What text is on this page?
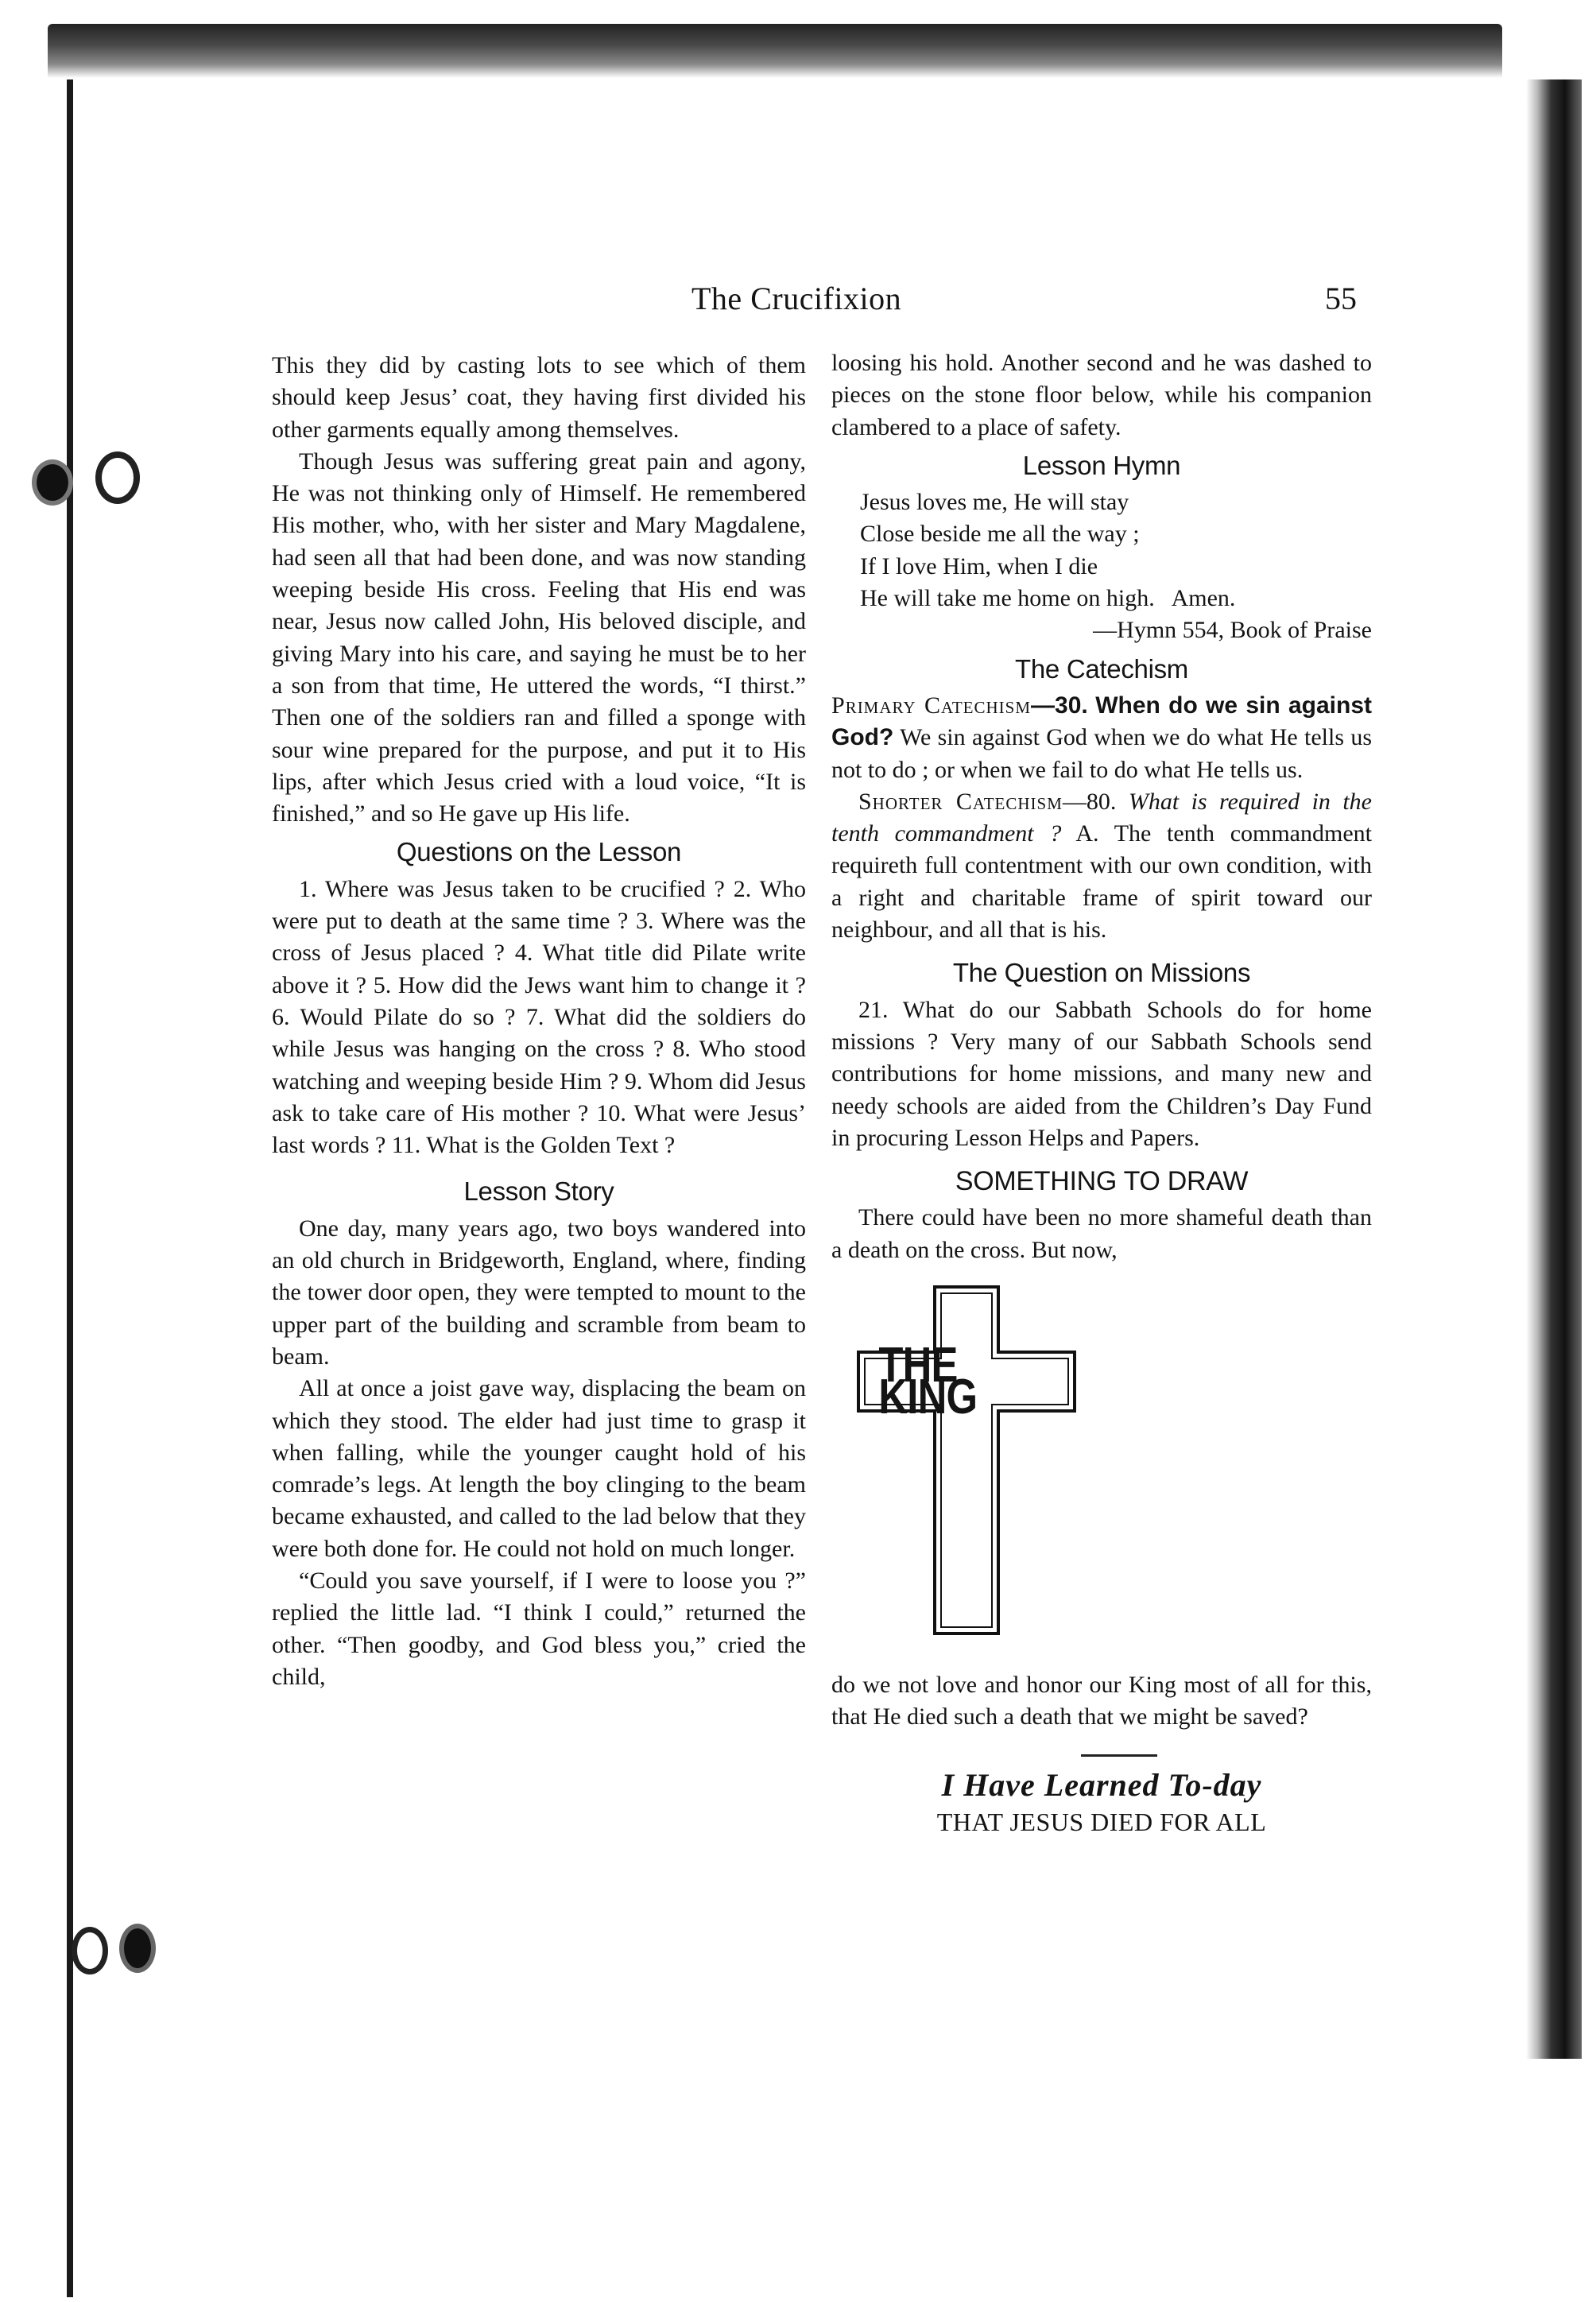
The Crucifixion	55

This they did by casting lots to see which of them should keep Jesus’ coat, they having first divided his other garments equally among themselves.

Though Jesus was suffering great pain and agony, He was not thinking only of Himself. He remembered His mother, who, with her sister and Mary Magdalene, had seen all that had been done, and was now standing weeping beside His cross. Feeling that His end was near, Jesus now called John, His beloved disciple, and giving Mary into his care, and saying he must be to her a son from that time, He uttered the words, “I thirst.” Then one of the soldiers ran and filled a sponge with sour wine prepared for the purpose, and put it to His lips, after which Jesus cried with a loud voice, “It is finished,” and so He gave up His life.

Questions on the Lesson

1. Where was Jesus taken to be crucified ? 2. Who were put to death at the same time ? 3. Where was the cross of Jesus placed ? 4. What title did Pilate write above it ? 5. How did the Jews want him to change it ? 6. Would Pilate do so ? 7. What did the soldiers do while Jesus was hanging on the cross ? 8. Who stood watching and weeping beside Him ? 9. Whom did Jesus ask to take care of His mother ? 10. What were Jesus’ last words ? 11. What is the Golden Text ?

Lesson Story

One day, many years ago, two boys wandered into an old church in Bridgeworth, England, where, finding the tower door open, they were tempted to mount to the upper part of the building and scramble from beam to beam.

All at once a joist gave way, displacing the beam on which they stood. The elder had just time to grasp it when falling, while the younger caught hold of his comrade’s legs. At length the boy clinging to the beam became exhausted, and called to the lad below that they were both done for. He could not hold on much longer.

“Could you save yourself, if I were to loose you ?” replied the little lad. “I think I could,” returned the other. “Then goodby, and God bless you,” cried the child,

loosing his hold. Another second and he was dashed to pieces on the stone floor below, while his companion clambered to a place of safety.

Lesson Hymn
Jesus loves me, He will stay
Close beside me all the way ;
If I love Him, when I die
He will take me home on high.   Amen.
—Hymn 554, Book of Praise
The Catechism

Primary Catechism—30. When do we sin against God? We sin against God when we do what He tells us not to do ; or when we fail to do what He tells us.

Shorter Catechism—80. What is required in the tenth commandment ? A. The tenth commandment requireth full contentment with our own condition, with a right and charitable frame of spirit toward our neighbour, and all that is his.

The Question on Missions

21. What do our Sabbath Schools do for home missions ? Very many of our Sabbath Schools send contributions for home missions, and many new and needy schools are aided from the Children’s Day Fund in procuring Lesson Helps and Papers.

SOMETHING TO DRAW

There could have been no more shameful death than a death on the cross. But now,

THE KING

do we not love and honor our King most of all for this, that He died such a death that we might be saved?

I Have Learned To-day
THAT JESUS DIED FOR ALL
